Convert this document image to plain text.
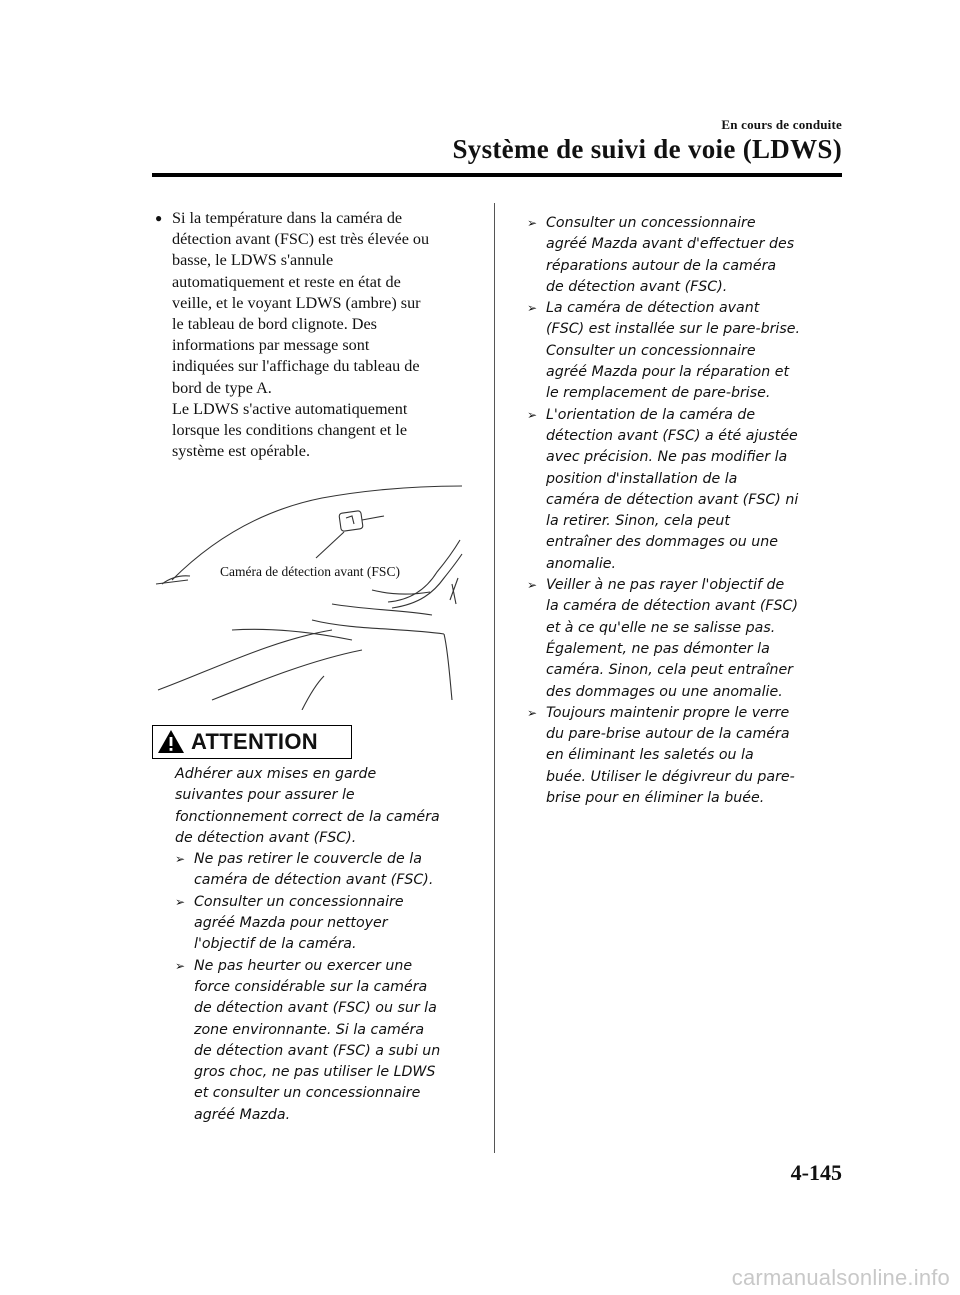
En cours de conduite
Système de suivi de voie (LDWS)
● Si la température dans la caméra de
détection avant (FSC) est très élevée ou
basse, le LDWS s'annule
automatiquement et reste en état de
veille, et le voyant LDWS (ambre) sur
le tableau de bord clignote. Des
informations par message sont
indiquées sur l'affichage du tableau de
bord de type A.
Le LDWS s'active automatiquement
lorsque les conditions changent et le
système est opérable.

Caméra de détection avant (FSC)
ATTENTION

Adhérer aux mises en garde
suivantes pour assurer le
fonctionnement correct de la caméra
de détection avant (FSC).

➢ Ne pas retirer le couvercle de la
caméra de détection avant (FSC).
➢ Consulter un concessionnaire
agréé Mazda pour nettoyer
l'objectif de la caméra.
➢ Ne pas heurter ou exercer une
force considérable sur la caméra
de détection avant (FSC) ou sur la
zone environnante. Si la caméra
de détection avant (FSC) a subi un
gros choc, ne pas utiliser le LDWS
et consulter un concessionnaire
agréé Mazda.
➢ Consulter un concessionnaire
agréé Mazda avant d'effectuer des
réparations autour de la caméra
de détection avant (FSC).
➢ La caméra de détection avant
(FSC) est installée sur le pare-brise.
Consulter un concessionnaire
agréé Mazda pour la réparation et
le remplacement de pare-brise.
➢ L'orientation de la caméra de
détection avant (FSC) a été ajustée
avec précision. Ne pas modifier la
position d'installation de la
caméra de détection avant (FSC) ni
la retirer. Sinon, cela peut
entraîner des dommages ou une
anomalie.
➢ Veiller à ne pas rayer l'objectif de
la caméra de détection avant (FSC)
et à ce qu'elle ne se salisse pas.
Également, ne pas démonter la
caméra. Sinon, cela peut entraîner
des dommages ou une anomalie.
➢ Toujours maintenir propre le verre
du pare-brise autour de la caméra
en éliminant les saletés ou la
buée. Utiliser le dégivreur du pare-
brise pour en éliminer la buée.
4-145
carmanualsonline.info
